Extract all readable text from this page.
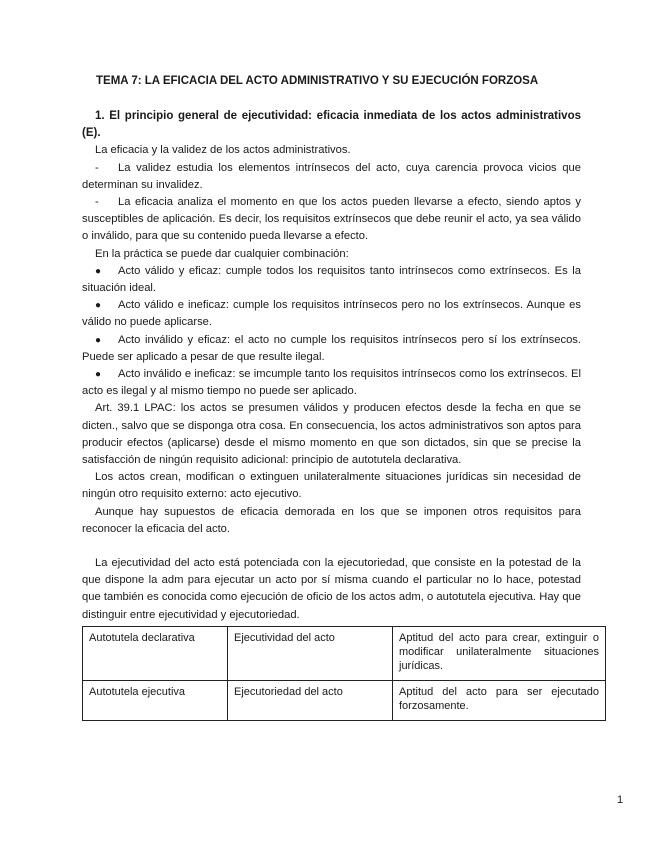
TEMA 7: LA EFICACIA DEL ACTO ADMINISTRATIVO Y SU EJECUCIÓN FORZOSA

1. El principio general de ejecutividad: eficacia inmediata de los actos administrativos (E).

La eficacia y la validez de los actos administrativos.

- La validez estudia los elementos intrínsecos del acto, cuya carencia provoca vicios que determinan su invalidez.

- La eficacia analiza el momento en que los actos pueden llevarse a efecto, siendo aptos y susceptibles de aplicación. Es decir, los requisitos extrínsecos que debe reunir el acto, ya sea válido o inválido, para que su contenido pueda llevarse a efecto.

En la práctica se puede dar cualquier combinación:

● Acto válido y eficaz: cumple todos los requisitos tanto intrínsecos como extrínsecos. Es la situación ideal.

● Acto válido e ineficaz: cumple los requisitos intrínsecos pero no los extrínsecos. Aunque es válido no puede aplicarse.

● Acto inválido y eficaz: el acto no cumple los requisitos intrínsecos pero sí los extrínsecos. Puede ser aplicado a pesar de que resulte ilegal.

● Acto inválido e ineficaz: se imcumple tanto los requisitos intrínsecos como los extrínsecos. El acto es ilegal y al mismo tiempo no puede ser aplicado.

Art. 39.1 LPAC: los actos se presumen válidos y producen efectos desde la fecha en que se dicten., salvo que se disponga otra cosa. En consecuencia, los actos administrativos son aptos para producir efectos (aplicarse) desde el mismo momento en que son dictados, sin que se precise la satisfacción de ningún requisito adicional: principio de autotutela declarativa.

Los actos crean, modifican o extinguen unilateralmente situaciones jurídicas sin necesidad de ningún otro requisito externo: acto ejecutivo.

Aunque hay supuestos de eficacia demorada en los que se imponen otros requisitos para reconocer la eficacia del acto.

La ejecutividad del acto está potenciada con la ejecutoriedad, que consiste en la potestad de la que dispone la adm para ejecutar un acto por sí misma cuando el particular no lo hace, potestad que también es conocida como ejecución de oficio de los actos adm, o autotutela ejecutiva. Hay que distinguir entre ejecutividad y ejecutoriedad.

Autotutela declarativa	Ejecutividad del acto	Aptitud del acto para crear, extinguir o modificar unilateralmente situaciones jurídicas.
Autotutela ejecutiva	Ejecutoriedad del acto	Aptitud del acto para ser ejecutado forzosamente.
1
